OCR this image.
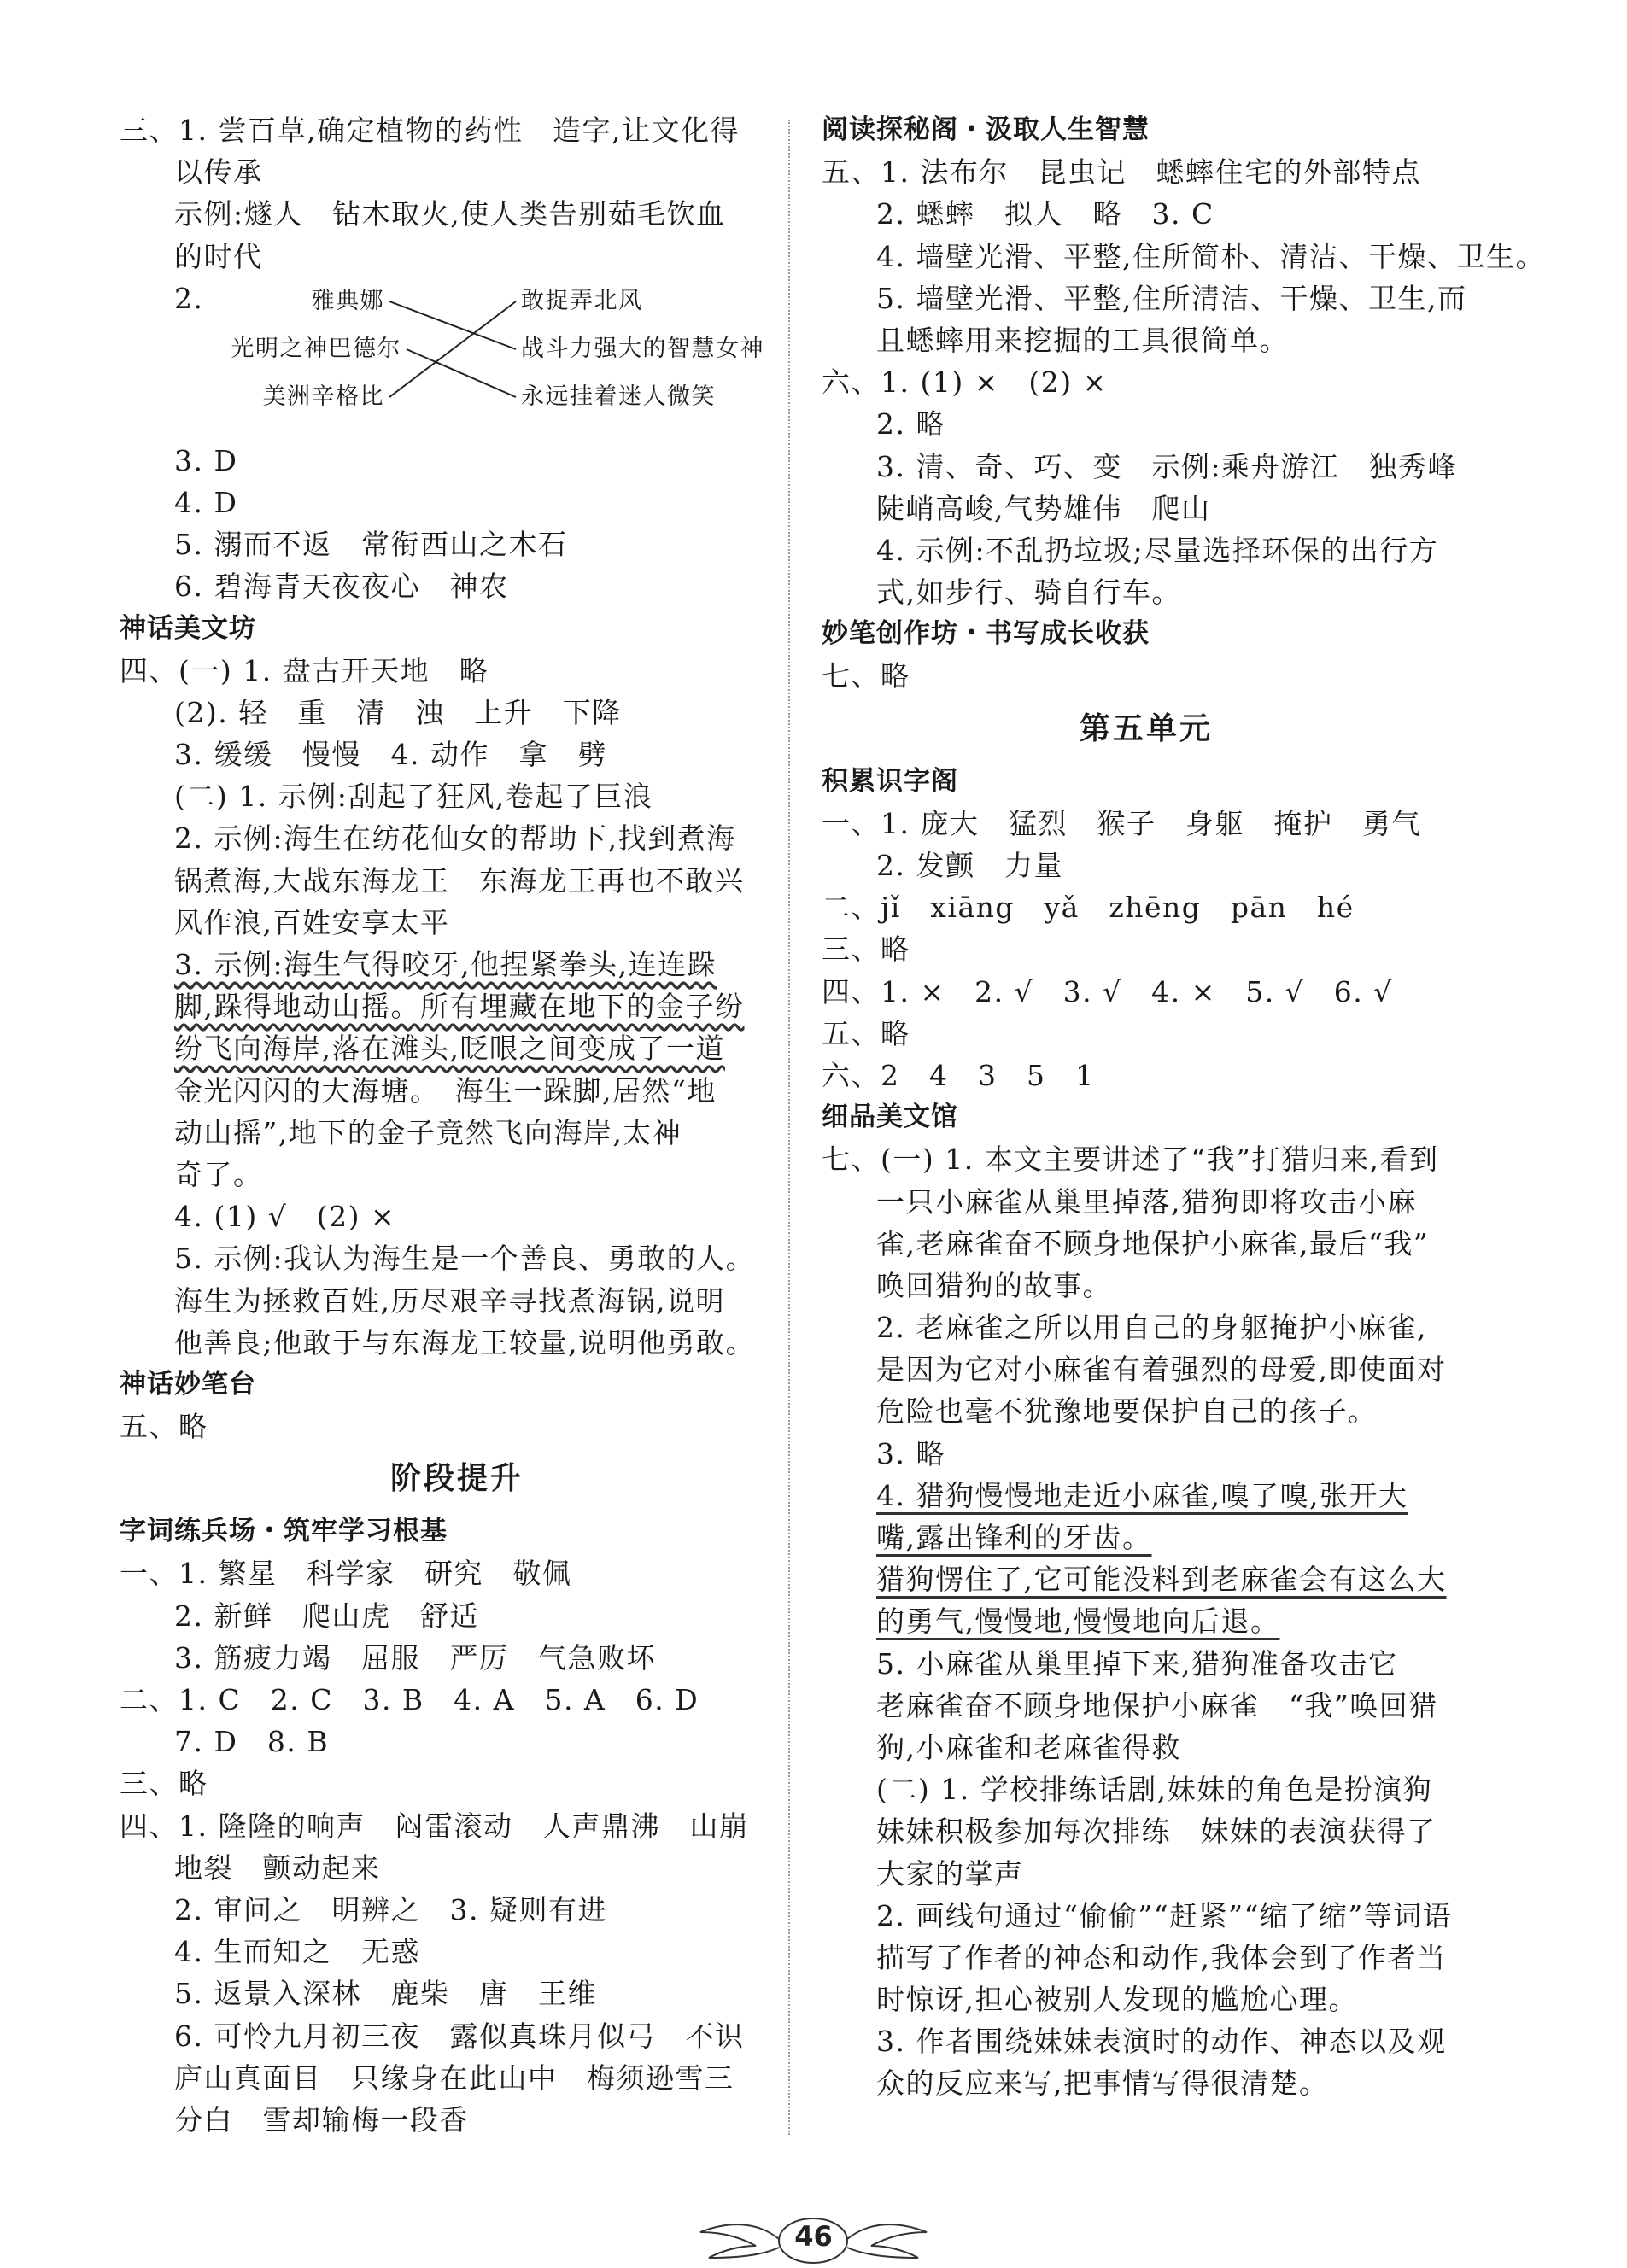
三、1. 尝百草,确定植物的药性　造字,让文化得
以传承
示例:燧人　钻木取火,使人类告别茹毛饮血
的时代
2.	雅典娜
光明之神巴德尔
美洲辛格比
敢捉弄北风
战斗力强大的智慧女神
永远挂着迷人微笑
3. D
4. D
5. 溺而不返　常衔西山之木石
6. 碧海青天夜夜心　神农
神话美文坊
四、(一) 1. 盘古开天地　略
(2). 轻　重　清　浊　上升　下降
3. 缓缓　慢慢　4. 动作　拿　劈
(二) 1. 示例:刮起了狂风,卷起了巨浪
2. 示例:海生在纺花仙女的帮助下,找到煮海
锅煮海,大战东海龙王　东海龙王再也不敢兴
风作浪,百姓安享太平
3. 示例:海生气得咬牙,他捏紧拳头,连连跺
脚,跺得地动山摇。所有埋藏在地下的金子纷
纷飞向海岸,落在滩头,眨眼之间变成了一道
金光闪闪的大海塘。　海生一跺脚,居然“地
动山摇”,地下的金子竟然飞向海岸,太神
奇了。
4. (1) √　(2) ×
5. 示例:我认为海生是一个善良、勇敢的人。
海生为拯救百姓,历尽艰辛寻找煮海锅,说明
他善良;他敢于与东海龙王较量,说明他勇敢。
神话妙笔台
五、略
阶段提升
字词练兵场・筑牢学习根基
一、1. 繁星　科学家　研究　敬佩
2. 新鲜　爬山虎　舒适
3. 筋疲力竭　屈服　严厉　气急败坏
二、1. C　2. C　3. B　4. A　5. A　6. D
7. D　8. B
三、略
四、1. 隆隆的响声　闷雷滚动　人声鼎沸　山崩
地裂　颤动起来
2. 审问之　明辨之　3. 疑则有进
4. 生而知之　无惑
5. 返景入深林　鹿柴　唐　王维
6. 可怜九月初三夜　露似真珠月似弓　不识
庐山真面目　只缘身在此山中　梅须逊雪三
分白　雪却输梅一段香
阅读探秘阁・汲取人生智慧
五、1. 法布尔　昆虫记　蟋蟀住宅的外部特点
2. 蟋蟀　拟人　略　3. C
4. 墙壁光滑、平整,住所简朴、清洁、干燥、卫生。
5. 墙壁光滑、平整,住所清洁、干燥、卫生,而
且蟋蟀用来挖掘的工具很简单。
六、1. (1) ×　(2) ×
2. 略
3. 清、奇、巧、变　示例:乘舟游江　独秀峰
陡峭高峻,气势雄伟　爬山
4. 示例:不乱扔垃圾;尽量选择环保的出行方
式,如步行、骑自行车。
妙笔创作坊・书写成长收获
七、略
第五单元
积累识字阁
一、1. 庞大　猛烈　猴子　身躯　掩护　勇气
2. 发颤　力量
二、jǐ　xiāng　yǎ　zhēng　pān　hé
三、略
四、1. ×　2. √　3. √　4. ×　5. √　6. √
五、略
六、2　4　3　5　1
细品美文馆
七、(一) 1. 本文主要讲述了“我”打猎归来,看到
一只小麻雀从巢里掉落,猎狗即将攻击小麻
雀,老麻雀奋不顾身地保护小麻雀,最后“我”
唤回猎狗的故事。
2. 老麻雀之所以用自己的身躯掩护小麻雀,
是因为它对小麻雀有着强烈的母爱,即使面对
危险也毫不犹豫地要保护自己的孩子。
3. 略
4. 猎狗慢慢地走近小麻雀,嗅了嗅,张开大
嘴,露出锋利的牙齿。
猎狗愣住了,它可能没料到老麻雀会有这么大
的勇气,慢慢地,慢慢地向后退。
5. 小麻雀从巢里掉下来,猎狗准备攻击它
老麻雀奋不顾身地保护小麻雀　“我”唤回猎
狗,小麻雀和老麻雀得救
(二) 1. 学校排练话剧,妹妹的角色是扮演狗
妹妹积极参加每次排练　妹妹的表演获得了
大家的掌声
2. 画线句通过“偷偷”“赶紧”“缩了缩”等词语
描写了作者的神态和动作,我体会到了作者当
时惊讶,担心被别人发现的尴尬心理。
3. 作者围绕妹妹表演时的动作、神态以及观
众的反应来写,把事情写得很清楚。
46
